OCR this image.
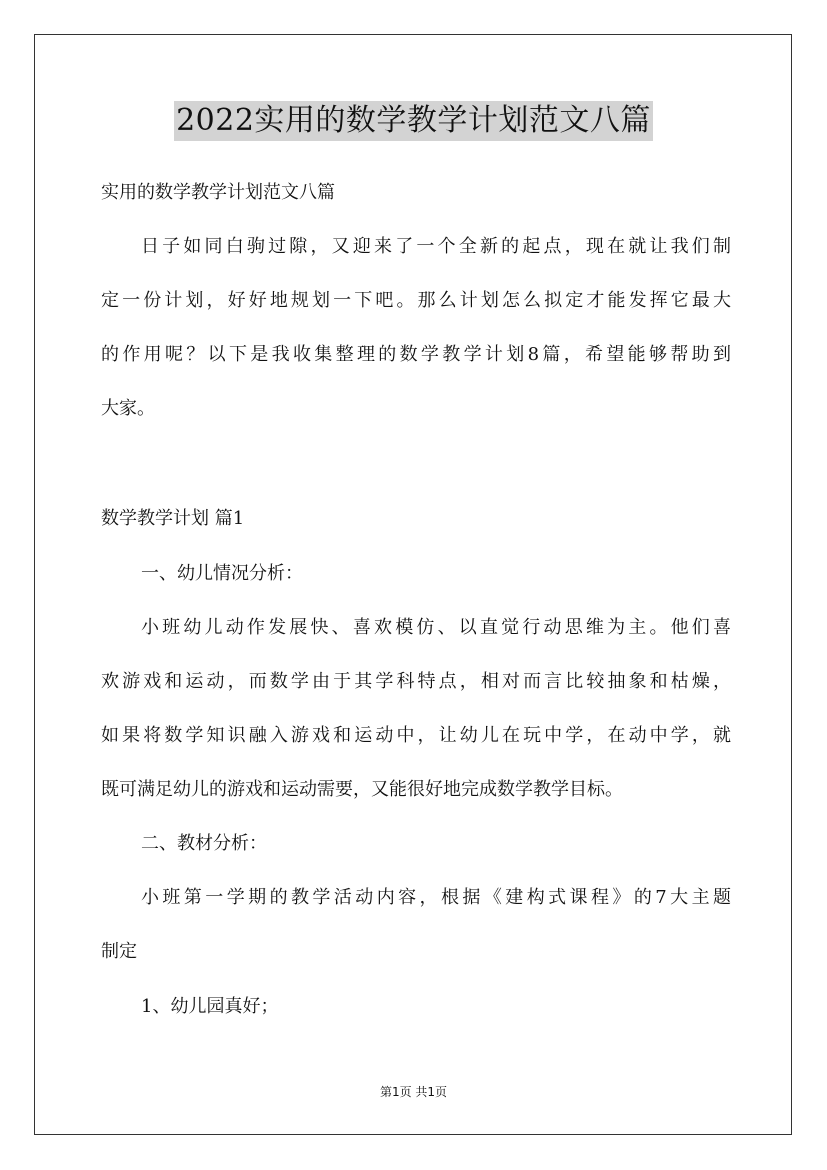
2022实用的数学教学计划范文八篇
实用的数学教学计划范文八篇
日子如同白驹过隙，又迎来了一个全新的起点，现在就让我们制
定一份计划，好好地规划一下吧。那么计划怎么拟定才能发挥它最大
的作用呢？以下是我收集整理的数学教学计划8篇，希望能够帮助到
大家。
数学教学计划 篇1
一、幼儿情况分析：
小班幼儿动作发展快、喜欢模仿、以直觉行动思维为主。他们喜
欢游戏和运动，而数学由于其学科特点，相对而言比较抽象和枯燥，
如果将数学知识融入游戏和运动中，让幼儿在玩中学，在动中学，就
既可满足幼儿的游戏和运动需要，又能很好地完成数学教学目标。
二、教材分析：
小班第一学期的教学活动内容，根据《建构式课程》的7大主题
制定
1、幼儿园真好；
第1页 共1页
